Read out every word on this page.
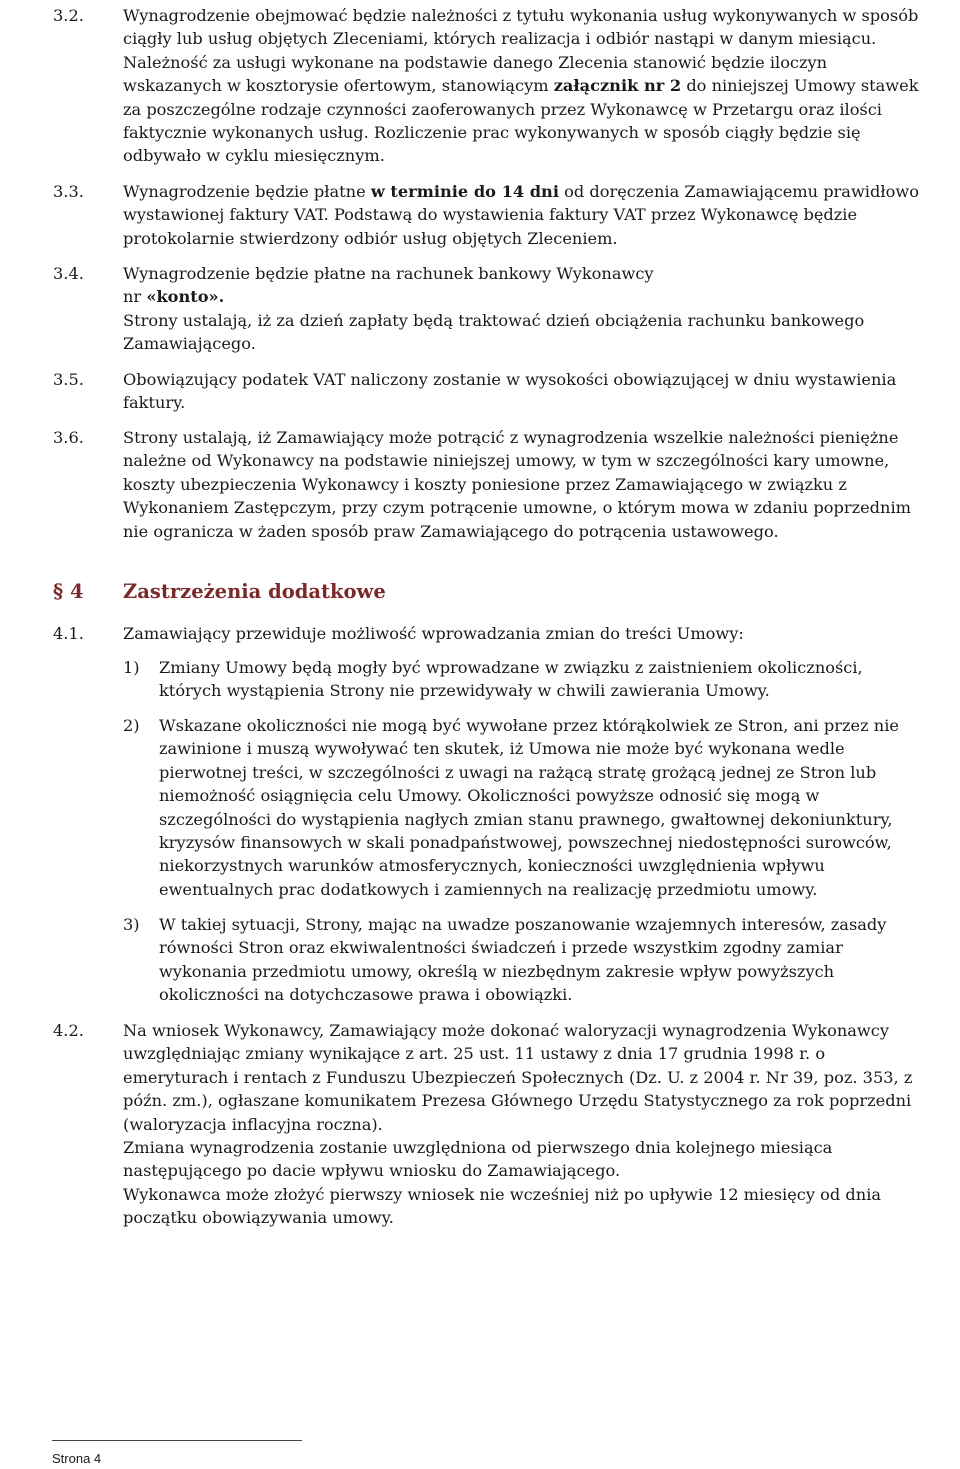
3.2.	Wynagrodzenie obejmować będzie należności z tytułu wykonania usług wykonywanych w sposób
ciągły lub usług objętych Zleceniami, których realizacja i odbiór nastąpi w danym miesiącu.
Należność za usługi wykonane na podstawie danego Zlecenia stanowić będzie iloczyn
wskazanych w kosztorysie ofertowym, stanowiącym załącznik nr 2 do niniejszej Umowy stawek
za poszczególne rodzaje czynności zaoferowanych przez Wykonawcę w Przetargu oraz ilości
faktycznie wykonanych usług. Rozliczenie prac wykonywanych w sposób ciągły będzie się
odbywało w cyklu miesięcznym.
3.3.	Wynagrodzenie będzie płatne w terminie do 14 dni od doręczenia Zamawiającemu prawidłowo
wystawionej faktury VAT. Podstawą do wystawienia faktury VAT przez Wykonawcę będzie
protokolarnie stwierdzony odbiór usług objętych Zleceniem.
3.4.	Wynagrodzenie będzie płatne na rachunek bankowy Wykonawcy
nr «konto».
Strony ustalają, iż za dzień zapłaty będą traktować dzień obciążenia rachunku bankowego
Zamawiającego.
3.5.	Obowiązujący podatek VAT naliczony zostanie w wysokości obowiązującej w dniu wystawienia
faktury.
3.6.	Strony ustalają, iż Zamawiający może potrącić z wynagrodzenia wszelkie należności pieniężne
należne od Wykonawcy na podstawie niniejszej umowy, w tym w szczególności kary umowne,
koszty ubezpieczenia Wykonawcy i koszty poniesione przez Zamawiającego w związku z
Wykonaniem Zastępczym, przy czym potrącenie umowne, o którym mowa w zdaniu poprzednim
nie ogranicza w żaden sposób praw Zamawiającego do potrącenia ustawowego.
§ 4 Zastrzeżenia dodatkowe
4.1.	Zamawiający przewiduje możliwość wprowadzania zmian do treści Umowy:
1)	Zmiany Umowy będą mogły być wprowadzane w związku z zaistnieniem okoliczności,
których wystąpienia Strony nie przewidywały w chwili zawierania Umowy.
2)	Wskazane okoliczności nie mogą być wywołane przez którąkolwiek ze Stron, ani przez nie
zawinione i muszą wywoływać ten skutek, iż Umowa nie może być wykonana wedle
pierwotnej treści, w szczególności z uwagi na rażącą stratę grożącą jednej ze Stron lub
niemożność osiągnięcia celu Umowy. Okoliczności powyższe odnosić się mogą w
szczególności do wystąpienia nagłych zmian stanu prawnego, gwałtownej dekoniunktury,
kryzysów finansowych w skali ponadpaństwowej, powszechnej niedostępności surowców,
niekorzystnych warunków atmosferycznych, konieczności uwzględnienia wpływu
ewentualnych prac dodatkowych i zamiennych na realizację przedmiotu umowy.
3)	W takiej sytuacji, Strony, mając na uwadze poszanowanie wzajemnych interesów, zasady
równości Stron oraz ekwiwalentności świadczeń i przede wszystkim zgodny zamiar
wykonania przedmiotu umowy, określą w niezbędnym zakresie wpływ powyższych
okoliczności na dotychczasowe prawa i obowiązki.
4.2.	Na wniosek Wykonawcy, Zamawiający może dokonać waloryzacji wynagrodzenia Wykonawcy
uwzględniając zmiany wynikające z art. 25 ust. 11 ustawy z dnia 17 grudnia 1998 r. o
emeryturach i rentach z Funduszu Ubezpieczeń Społecznych (Dz. U. z 2004 r. Nr 39, poz. 353, z
późn. zm.), ogłaszane komunikatem Prezesa Głównego Urzędu Statystycznego za rok poprzedni
(waloryzacja inflacyjna roczna).
Zmiana wynagrodzenia zostanie uwzględniona od pierwszego dnia kolejnego miesiąca
następującego po dacie wpływu wniosku do Zamawiającego.
Wykonawca może złożyć pierwszy wniosek nie wcześniej niż po upływie 12 miesięcy od dnia
początku obowiązywania umowy.
Strona 4
